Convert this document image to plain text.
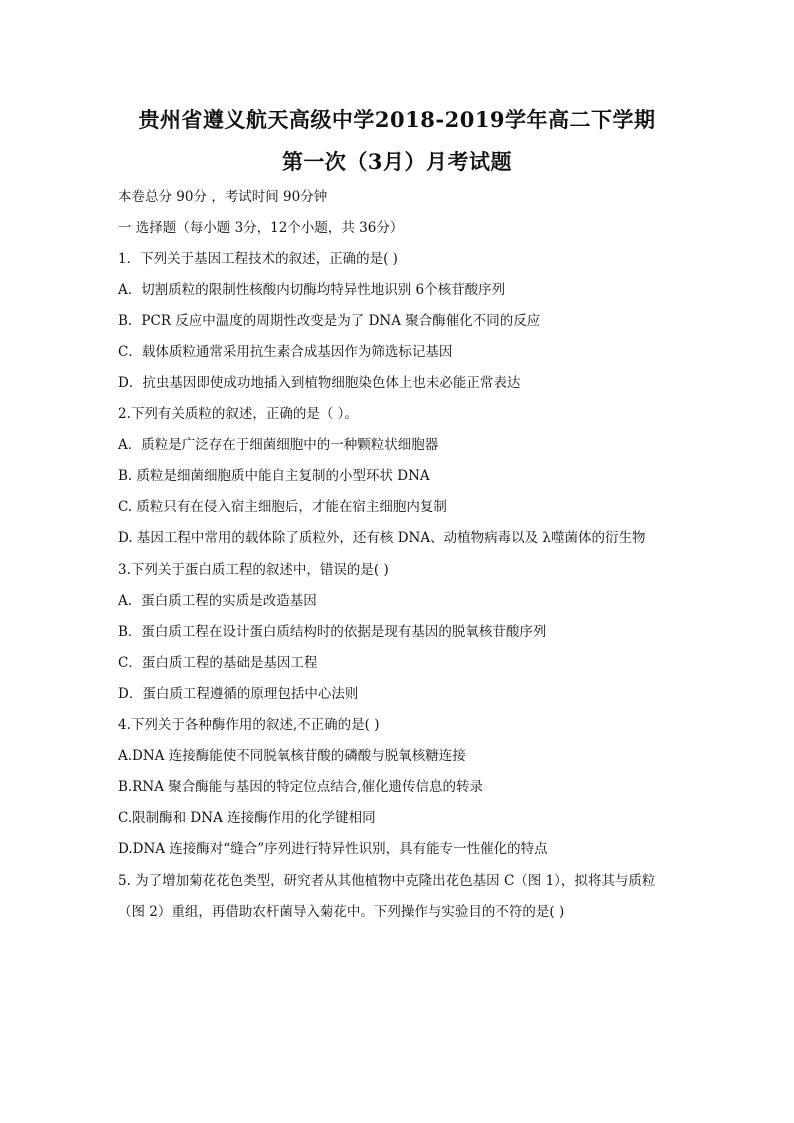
贵州省遵义航天高级中学2018-2019学年高二下学期
第一次（3月）月考试题
本卷总分 90分 ，考试时间 90分钟
一 选择题（每小题 3分，12个小题，共 36分）
1．下列关于基因工程技术的叙述，正确的是( )
A．切割质粒的限制性核酸内切酶均特异性地识别 6个核苷酸序列
B．PCR 反应中温度的周期性改变是为了 DNA 聚合酶催化不同的反应
C．载体质粒通常采用抗生素合成基因作为筛选标记基因
D．抗虫基因即使成功地插入到植物细胞染色体上也未必能正常表达
2.下列有关质粒的叙述，正确的是（ ）。
A．质粒是广泛存在于细菌细胞中的一种颗粒状细胞器
B. 质粒是细菌细胞质中能自主复制的小型环状 DNA
C. 质粒只有在侵入宿主细胞后，才能在宿主细胞内复制
D. 基因工程中常用的载体除了质粒外，还有核 DNA、动植物病毒以及 λ噬菌体的衍生物
3.下列关于蛋白质工程的叙述中，错误的是( )
A．蛋白质工程的实质是改造基因
B．蛋白质工程在设计蛋白质结构时的依据是现有基因的脱氧核苷酸序列
C．蛋白质工程的基础是基因工程
D．蛋白质工程遵循的原理包括中心法则
4.下列关于各种酶作用的叙述,不正确的是( )
A.DNA 连接酶能使不同脱氧核苷酸的磷酸与脱氧核糖连接
B.RNA 聚合酶能与基因的特定位点结合,催化遗传信息的转录
C.限制酶和 DNA 连接酶作用的化学键相同
D.DNA 连接酶对“缝合”序列进行特异性识别，具有能专一性催化的特点
5. 为了增加菊花花色类型，研究者从其他植物中克隆出花色基因 C（图 1），拟将其与质粒
（图 2）重组，再借助农杆菌导入菊花中。下列操作与实验目的不符的是( )
